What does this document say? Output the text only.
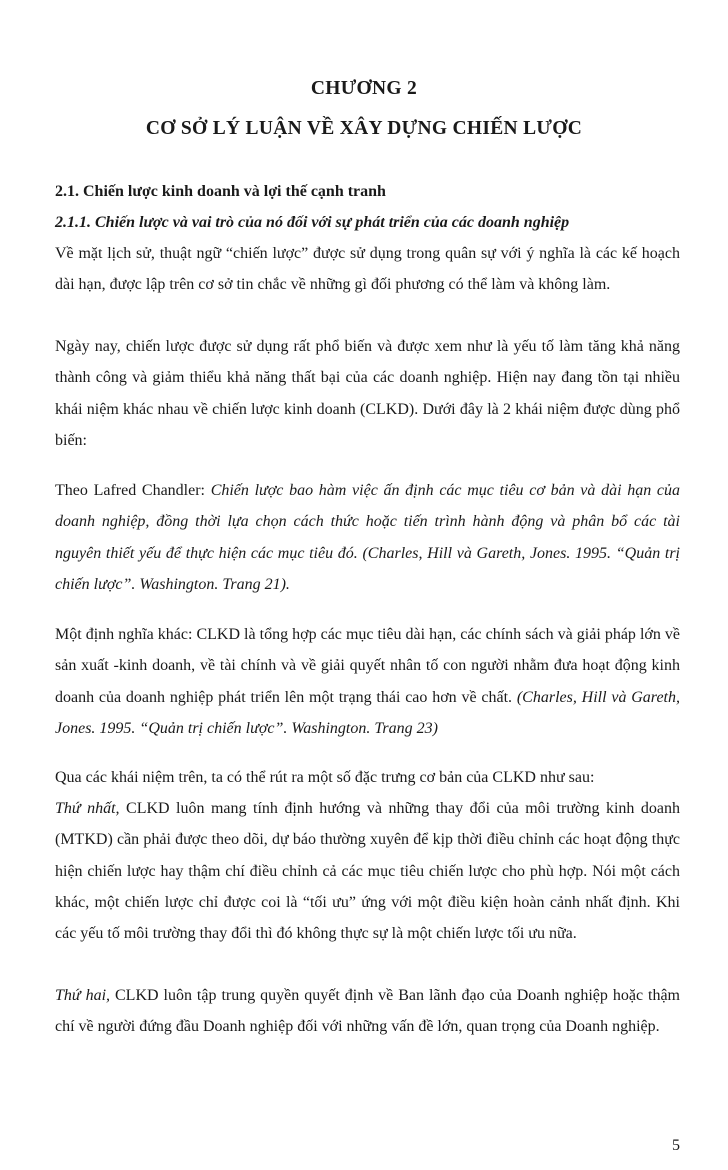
CHƯƠNG 2
CƠ SỞ LÝ LUẬN VỀ XÂY DỰNG CHIẾN LƯỢC
2.1. Chiến lược kinh doanh và lợi thế cạnh tranh
2.1.1. Chiến lược và vai trò của nó đối với sự phát triển của các doanh nghiệp

Về mặt lịch sử, thuật ngữ “chiến lược” được sử dụng trong quân sự với ý nghĩa là các kế hoạch dài hạn, được lập trên cơ sở tin chắc về những gì đối phương có thể làm và không làm.

Ngày nay, chiến lược được sử dụng rất phổ biến và được xem như là yếu tố làm tăng khả năng thành công và giảm thiểu khả năng thất bại của các doanh nghiệp. Hiện nay đang tồn tại nhiều khái niệm khác nhau về chiến lược kinh doanh (CLKD). Dưới đây là 2 khái niệm được dùng phổ biến:

Theo Lafred Chandler: Chiến lược bao hàm việc ấn định các mục tiêu cơ bản và dài hạn của doanh nghiệp, đồng thời lựa chọn cách thức hoặc tiến trình hành động và phân bổ các tài nguyên thiết yếu để thực hiện các mục tiêu đó. (Charles, Hill và Gareth, Jones. 1995. “Quản trị chiến lược”. Washington. Trang 21).

Một định nghĩa khác: CLKD là tổng hợp các mục tiêu dài hạn, các chính sách và giải pháp lớn về sản xuất -kinh doanh, về tài chính và về giải quyết nhân tố con người nhằm đưa hoạt động kinh doanh của doanh nghiệp phát triển lên một trạng thái cao hơn về chất. (Charles, Hill và Gareth, Jones. 1995. “Quản trị chiến lược”. Washington. Trang 23)

Qua các khái niệm trên, ta có thể rút ra một số đặc trưng cơ bản của CLKD như sau:

Thứ nhất, CLKD luôn mang tính định hướng và những thay đổi của môi trường kinh doanh (MTKD) cần phải được theo dõi, dự báo thường xuyên để kịp thời điều chỉnh các hoạt động thực hiện chiến lược hay thậm chí điều chỉnh cả các mục tiêu chiến lược cho phù hợp. Nói một cách khác, một chiến lược chỉ được coi là “tối ưu” ứng với một điều kiện hoàn cảnh nhất định. Khi các yếu tố môi trường thay đổi thì đó không thực sự là một chiến lược tối ưu nữa.

Thứ hai, CLKD luôn tập trung quyền quyết định về Ban lãnh đạo của Doanh nghiệp hoặc thậm chí về người đứng đầu Doanh nghiệp đối với những vấn đề lớn, quan trọng của Doanh nghiệp.

5
